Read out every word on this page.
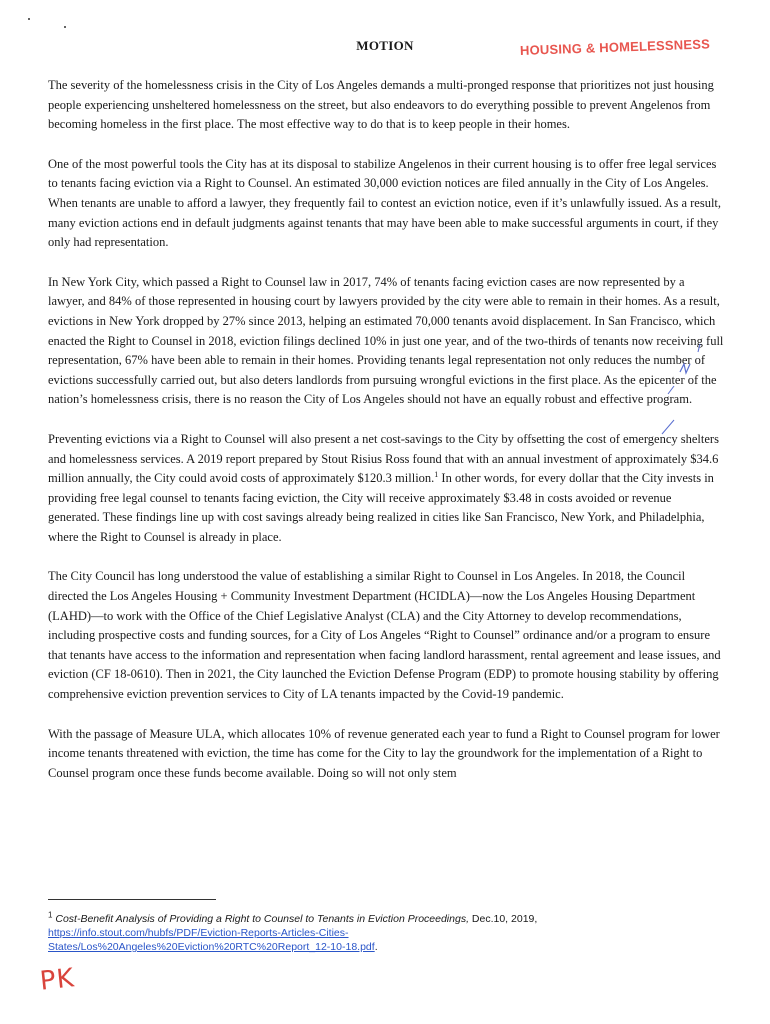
MOTION	HOUSING & HOMELESSNESS

The severity of the homelessness crisis in the City of Los Angeles demands a multi-pronged response that prioritizes not just housing people experiencing unsheltered homelessness on the street, but also endeavors to do everything possible to prevent Angelenos from becoming homeless in the first place. The most effective way to do that is to keep people in their homes.

One of the most powerful tools the City has at its disposal to stabilize Angelenos in their current housing is to offer free legal services to tenants facing eviction via a Right to Counsel. An estimated 30,000 eviction notices are filed annually in the City of Los Angeles. When tenants are unable to afford a lawyer, they frequently fail to contest an eviction notice, even if it’s unlawfully issued. As a result, many eviction actions end in default judgments against tenants that may have been able to make successful arguments in court, if they only had representation.

In New York City, which passed a Right to Counsel law in 2017, 74% of tenants facing eviction cases are now represented by a lawyer, and 84% of those represented in housing court by lawyers provided by the city were able to remain in their homes. As a result, evictions in New York dropped by 27% since 2013, helping an estimated 70,000 tenants avoid displacement. In San Francisco, which enacted the Right to Counsel in 2018, eviction filings declined 10% in just one year, and of the two-thirds of tenants now receiving full representation, 67% have been able to remain in their homes. Providing tenants legal representation not only reduces the number of evictions successfully carried out, but also deters landlords from pursuing wrongful evictions in the first place. As the epicenter of the nation’s homelessness crisis, there is no reason the City of Los Angeles should not have an equally robust and effective program.

Preventing evictions via a Right to Counsel will also present a net cost-savings to the City by offsetting the cost of emergency shelters and homelessness services. A 2019 report prepared by Stout Risius Ross found that with an annual investment of approximately $34.6 million annually, the City could avoid costs of approximately $120.3 million.$^1$ In other words, for every dollar that the City invests in providing free legal counsel to tenants facing eviction, the City will receive approximately $3.48 in costs avoided or revenue generated. These findings line up with cost savings already being realized in cities like San Francisco, New York, and Philadelphia, where the Right to Counsel is already in place.

The City Council has long understood the value of establishing a similar Right to Counsel in Los Angeles. In 2018, the Council directed the Los Angeles Housing + Community Investment Department (HCIDLA)—now the Los Angeles Housing Department (LAHD)—to work with the Office of the Chief Legislative Analyst (CLA) and the City Attorney to develop recommendations, including prospective costs and funding sources, for a City of Los Angeles “Right to Counsel” ordinance and/or a program to ensure that tenants have access to the information and representation when facing landlord harassment, rental agreement and lease issues, and eviction (CF 18-0610). Then in 2021, the City launched the Eviction Defense Program (EDP) to promote housing stability by offering comprehensive eviction prevention services to City of LA tenants impacted by the Covid-19 pandemic.

With the passage of Measure ULA, which allocates 10% of revenue generated each year to fund a Right to Counsel program for lower income tenants threatened with eviction, the time has come for the City to lay the groundwork for the implementation of a Right to Counsel program once these funds become available. Doing so will not only stem

$^1$ Cost-Benefit Analysis of Providing a Right to Counsel to Tenants in Eviction Proceedings, Dec.10, 2019,
https://info.stout.com/hubfs/PDF/Eviction-Reports-Articles-Cities-
States/Los%20Angeles%20Eviction%20RTC%20Report_12-10-18.pdf.
PK
